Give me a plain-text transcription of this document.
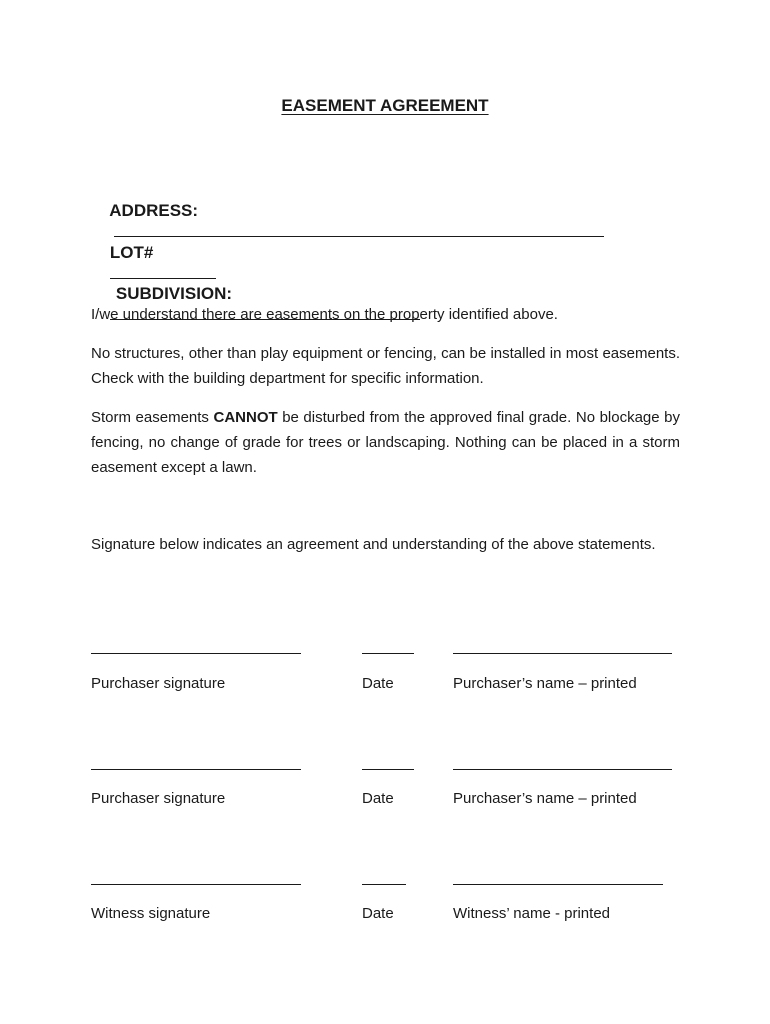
EASEMENT AGREEMENT

ADDRESS:

LOT#

SUBDIVISION:

I/we understand there are easements on the property identified above.
No structures, other than play equipment or fencing, can be installed in most easements. Check with the building department for specific information.
Storm easements CANNOT be disturbed from the approved final grade. No blockage by fencing, no change of grade for trees or landscaping. Nothing can be placed in a storm easement except a lawn.
Signature below indicates an agreement and understanding of the above statements.
Purchaser signature	Date	Purchaser’s name – printed
Purchaser signature	Date	Purchaser’s name – printed
Witness signature	Date	Witness’ name - printed
